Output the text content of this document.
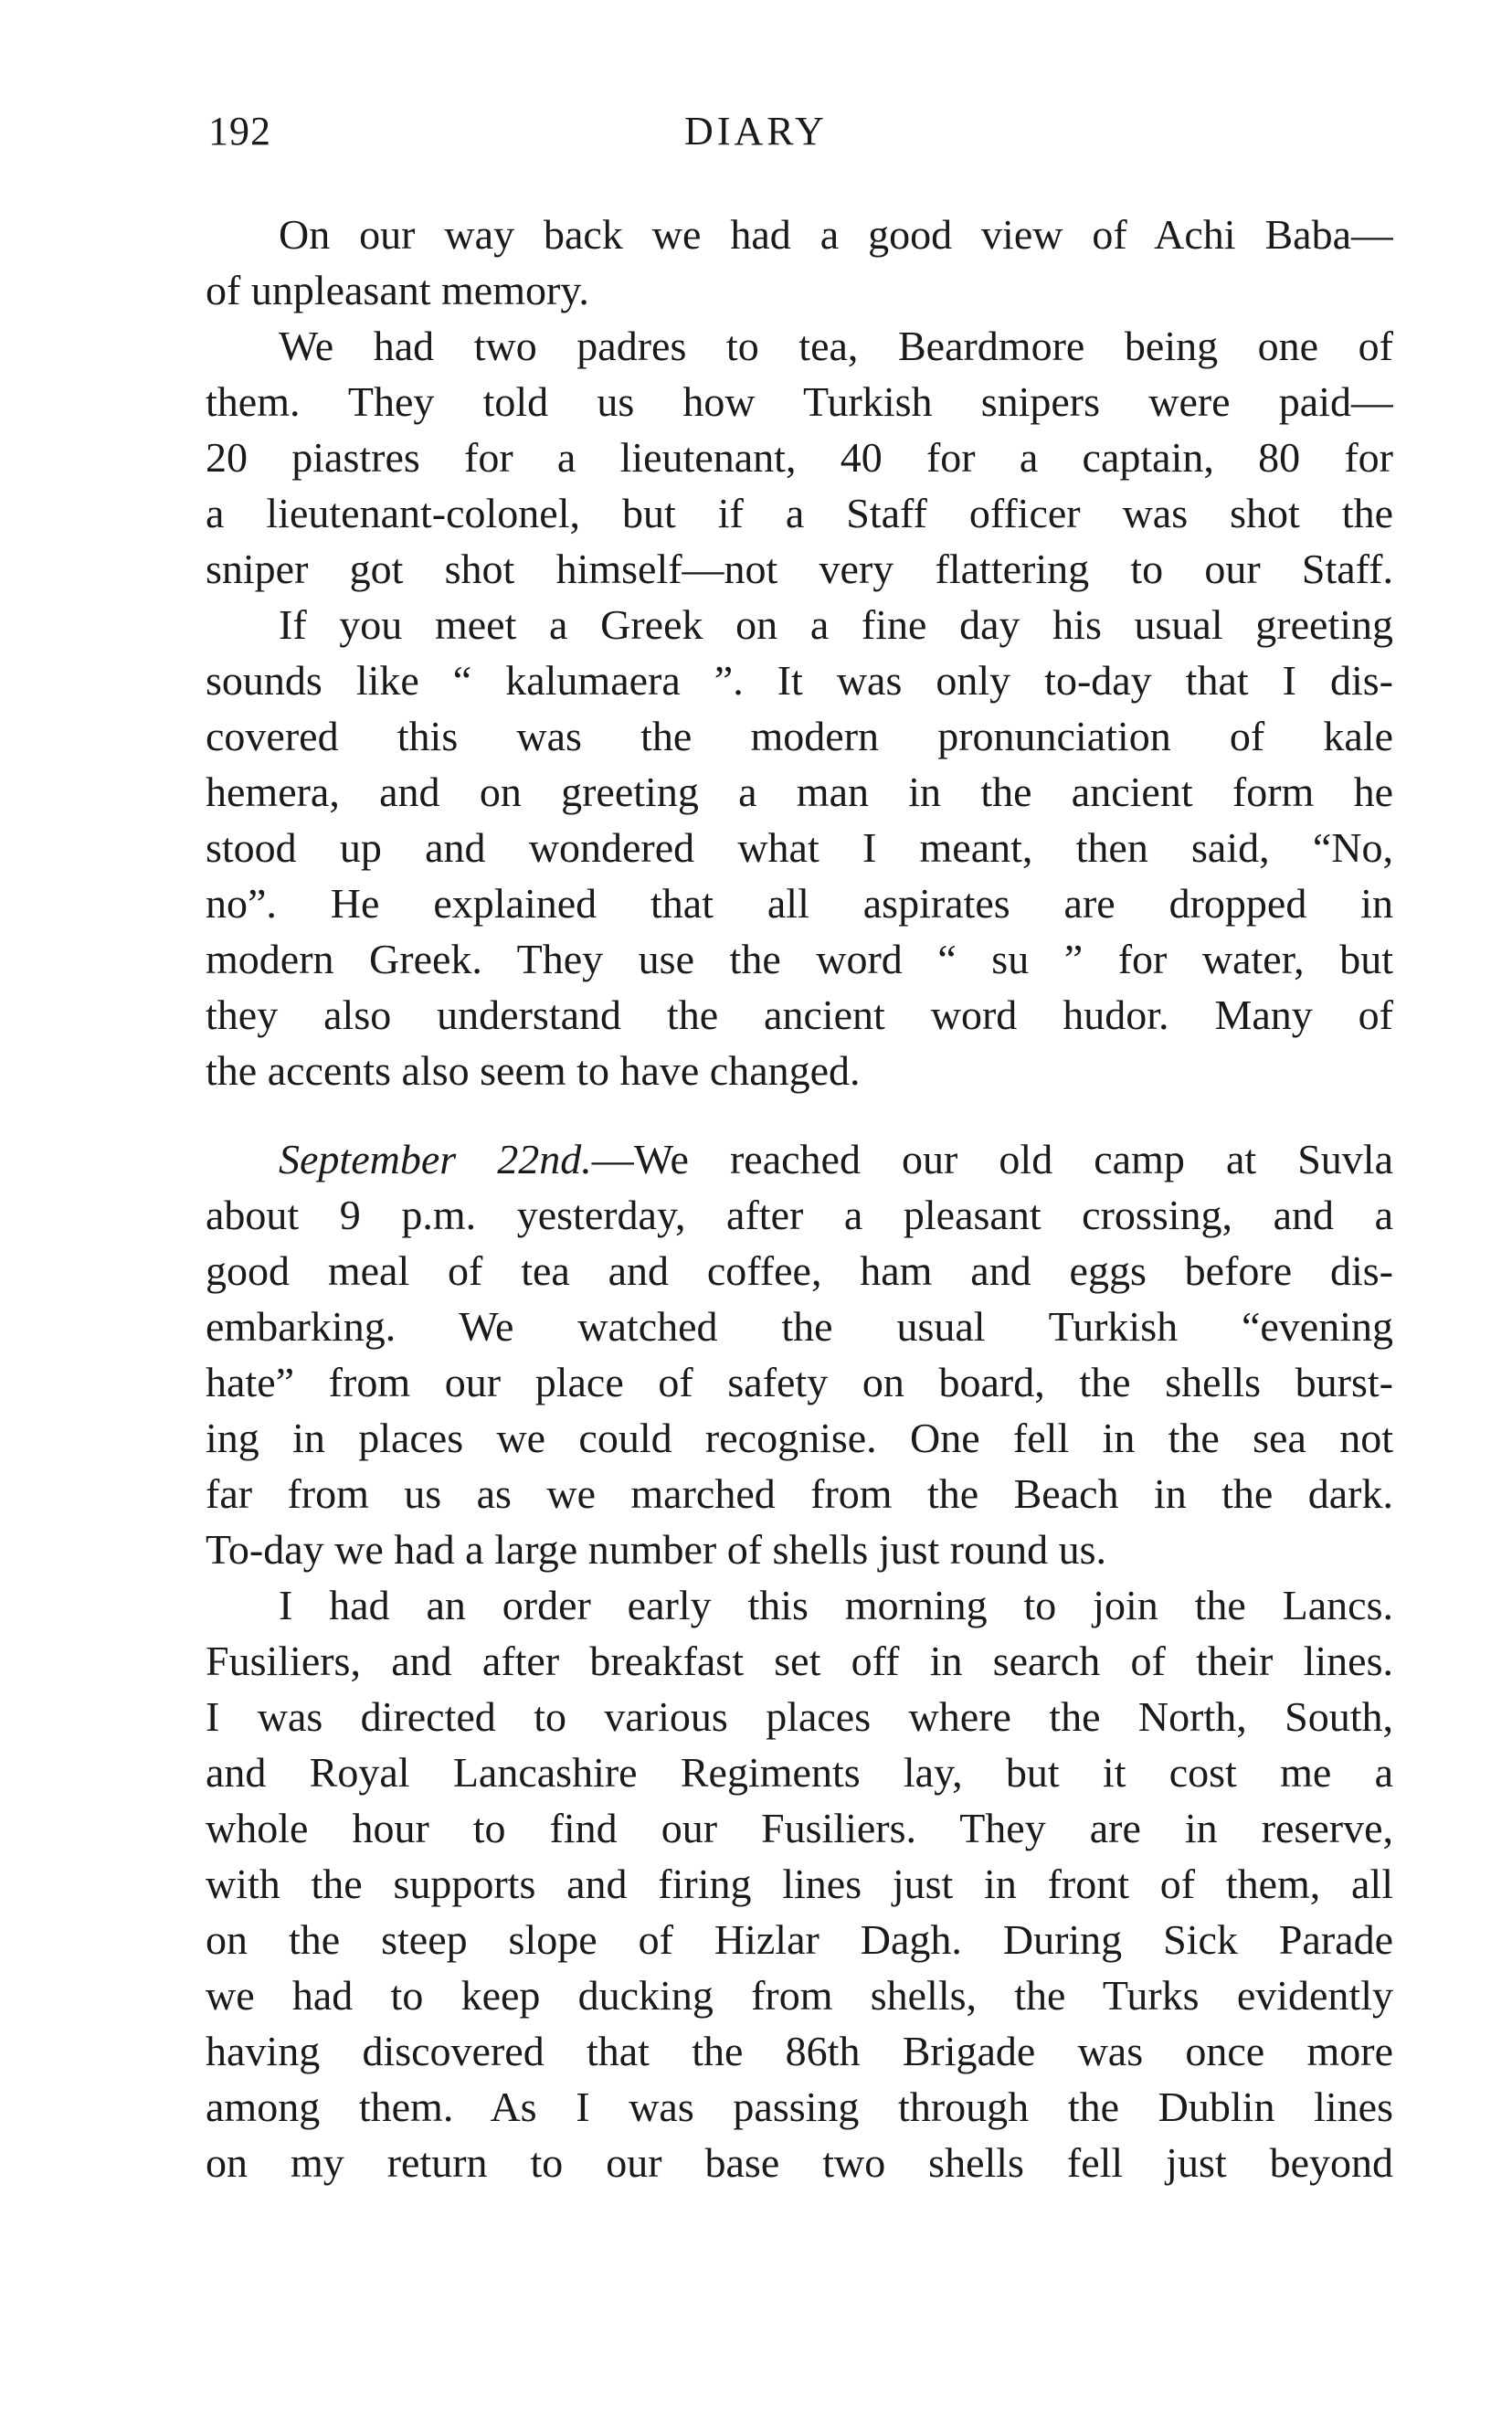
192	DIARY
On our way back we had a good view of Achi Baba—
of unpleasant memory.
We had two padres to tea, Beardmore being one of
them. They told us how Turkish snipers were paid—
20 piastres for a lieutenant, 40 for a captain, 80 for
a lieutenant-colonel, but if a Staff officer was shot the
sniper got shot himself—not very flattering to our Staff.
If you meet a Greek on a fine day his usual greeting
sounds like “ kalumaera ”. It was only to-day that I dis-
covered this was the modern pronunciation of kale
hemera, and on greeting a man in the ancient form he
stood up and wondered what I meant, then said, “No,
no”. He explained that all aspirates are dropped in
modern Greek. They use the word “ su ” for water, but
they also understand the ancient word hudor. Many of
the accents also seem to have changed.
September 22nd.—We reached our old camp at Suvla
about 9 p.m. yesterday, after a pleasant crossing, and a
good meal of tea and coffee, ham and eggs before dis-
embarking. We watched the usual Turkish “evening
hate” from our place of safety on board, the shells burst-
ing in places we could recognise. One fell in the sea not
far from us as we marched from the Beach in the dark.
To-day we had a large number of shells just round us.
I had an order early this morning to join the Lancs.
Fusiliers, and after breakfast set off in search of their lines.
I was directed to various places where the North, South,
and Royal Lancashire Regiments lay, but it cost me a
whole hour to find our Fusiliers. They are in reserve,
with the supports and firing lines just in front of them, all
on the steep slope of Hizlar Dagh. During Sick Parade
we had to keep ducking from shells, the Turks evidently
having discovered that the 86th Brigade was once more
among them. As I was passing through the Dublin lines
on my return to our base two shells fell just beyond
